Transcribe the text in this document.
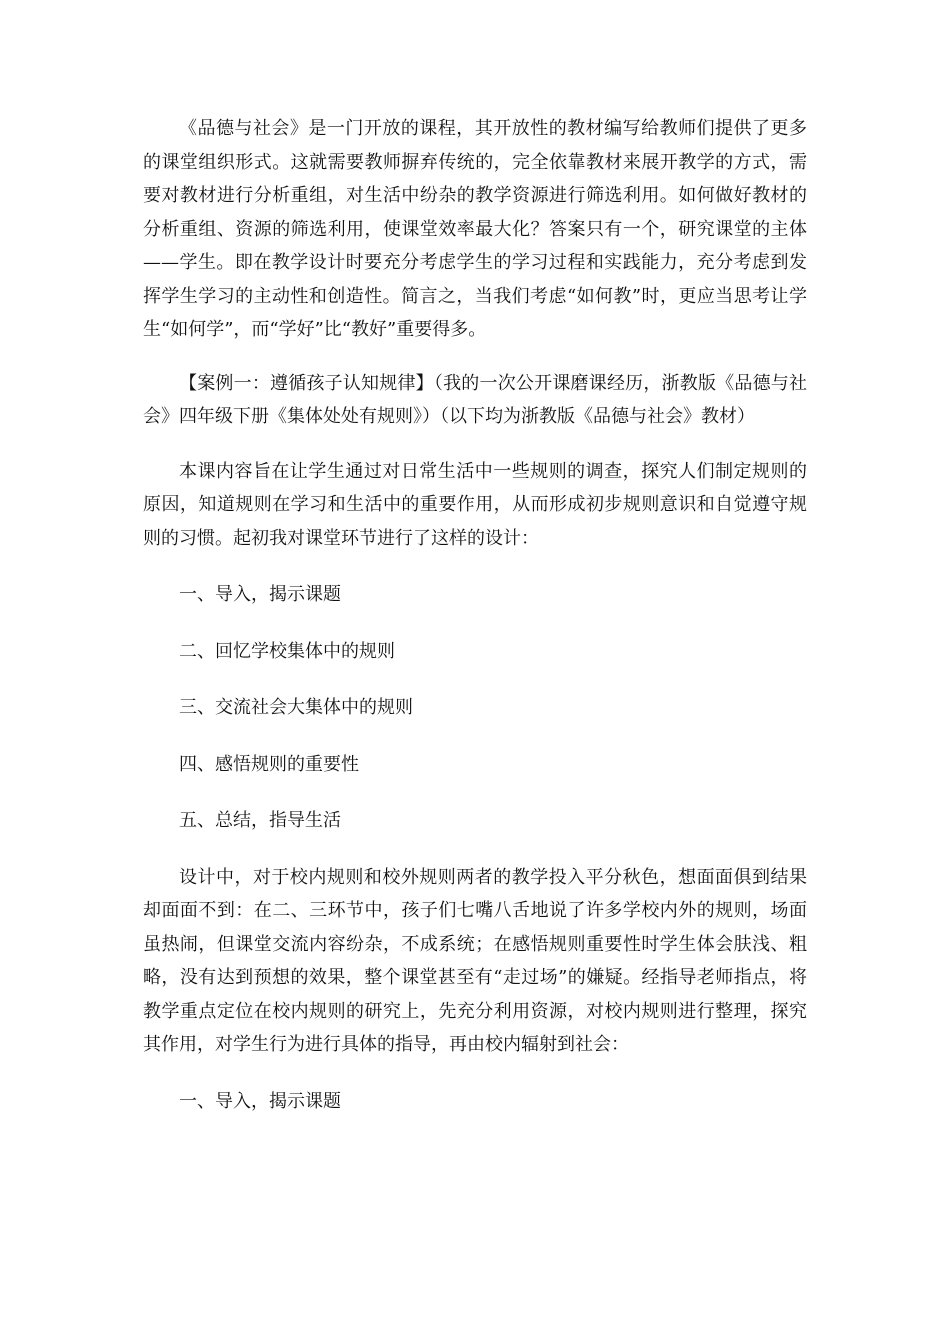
《品德与社会》是一门开放的课程，其开放性的教材编写给教师们提供了更多的课堂组织形式。这就需要教师摒弃传统的，完全依靠教材来展开教学的方式，需要对教材进行分析重组，对生活中纷杂的教学资源进行筛选利用。如何做好教材的分析重组、资源的筛选利用，使课堂效率最大化？答案只有一个，研究课堂的主体——学生。即在教学设计时要充分考虑学生的学习过程和实践能力，充分考虑到发挥学生学习的主动性和创造性。简言之，当我们考虑“如何教”时，更应当思考让学生“如何学”，而“学好”比“教好”重要得多。

【案例一：遵循孩子认知规律】（我的一次公开课磨课经历，浙教版《品德与社会》四年级下册《集体处处有规则》）（以下均为浙教版《品德与社会》教材）

本课内容旨在让学生通过对日常生活中一些规则的调查，探究人们制定规则的原因，知道规则在学习和生活中的重要作用，从而形成初步规则意识和自觉遵守规则的习惯。起初我对课堂环节进行了这样的设计：

一、导入，揭示课题

二、回忆学校集体中的规则

三、交流社会大集体中的规则

四、感悟规则的重要性

五、总结，指导生活

设计中，对于校内规则和校外规则两者的教学投入平分秋色，想面面俱到结果却面面不到：在二、三环节中，孩子们七嘴八舌地说了许多学校内外的规则，场面虽热闹，但课堂交流内容纷杂，不成系统；在感悟规则重要性时学生体会肤浅、粗略，没有达到预想的效果，整个课堂甚至有“走过场”的嫌疑。经指导老师指点，将教学重点定位在校内规则的研究上，先充分利用资源，对校内规则进行整理，探究其作用，对学生行为进行具体的指导，再由校内辐射到社会：

一、导入，揭示课题
